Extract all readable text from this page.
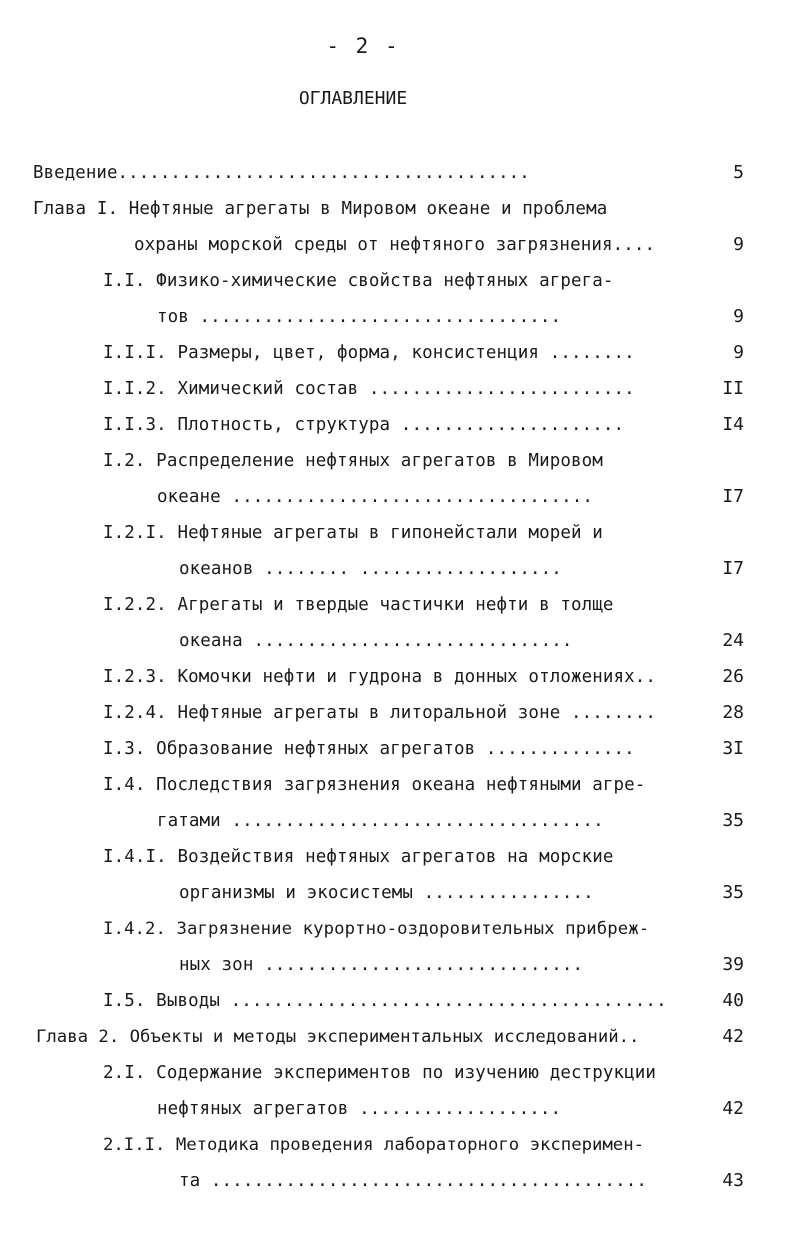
- 2 -
ОГЛАВЛЕНИЕ
Введение.......................................	5
Глава I. Нефтяные агрегаты в Мировом океане и проблема
охраны морской среды от нефтяного загрязнения....	9
I.I. Физико-химические свойства нефтяных агрега-
тов ..................................	9
I.I.I. Размеры, цвет, форма, консистенция ........	9
I.I.2. Химический состав .........................	II
I.I.3. Плотность, структура .....................	I4
I.2. Распределение нефтяных агрегатов в Мировом
океане ..................................	I7
I.2.I. Нефтяные агрегаты в гипонейстали морей и
океанов ........ ...................	I7
I.2.2. Агрегаты и твердые частички нефти в толще
океана ..............................	24
I.2.3. Комочки нефти и гудрона в донных отложениях..	26
I.2.4. Нефтяные агрегаты в литоральной зоне ........	28
I.3. Образование нефтяных агрегатов ..............	3I
I.4. Последствия загрязнения океана нефтяными агре-
гатами ...................................	35
I.4.I. Воздействия нефтяных агрегатов на морские
организмы и экосистемы ................	35
I.4.2. Загрязнение курортно-оздоровительных прибреж-
ных зон ..............................	39
I.5. Выводы .........................................	40
Глава 2. Объекты и методы экспериментальных исследований..	42
2.I. Содержание экспериментов по изучению деструкции
нефтяных агрегатов ...................	42
2.I.I. Методика проведения лабораторного эксперимен-
та .........................................	43
